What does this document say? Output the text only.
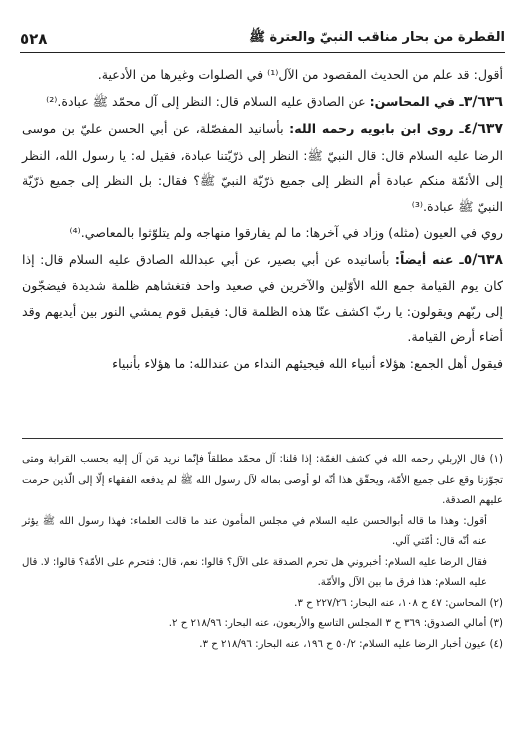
القطرة من بحار مناقب النبيّ والعترة ﷺ
٥٢٨

أقول: قد علم من الحديث المقصود من الآل⁽¹⁾ في الصلوات وغيرها من الأدعية.

٣/٦٣٦ـ في المحاسن: عن الصادق عليه السلام قال: النظر إلى آل محمّد ﷺ عبادة.⁽²⁾

٤/٦٣٧ـ روى ابن بابويه رحمه الله: بأسانيد المفصّلة، عن أبي الحسن عليّ بن موسى الرضا عليه السلام قال: قال النبيّ ﷺ: النظر إلى ذرّيّتنا عبادة، فقيل له: يا رسول الله، النظر إلى الأئمّة منكم عبادة أم النظر إلى جميع ذرّيّة النبيّ ﷺ؟ فقال: بل النظر إلى جميع ذرّيّة النبيّ ﷺ عبادة.⁽³⁾

روي في العيون (مثله) وزاد في آخرها: ما لم يفارقوا منهاجه ولم يتلوّثوا بالمعاصي.⁽⁴⁾

٥/٦٣٨ـ عنه أيضاً: بأسانيده عن أبي بصير، عن أبي عبدالله الصادق عليه السلام قال: إذا كان يوم القيامة جمع الله الأوّلين والآخرين في صعيد واحد فتغشاهم ظلمة شديدة فيضجّون إلى ربّهم ويقولون: يا ربّ اكشف عنّا هذه الظلمة قال: فيقبل قوم يمشي النور بين أيديهم وقد أضاء أرض القيامة.

فيقول أهل الجمع: هؤلاء أنبياء الله فيجيئهم النداء من عندالله: ما هؤلاء بأنبياء

(١) قال الإربلي رحمه الله في كشف الغمّة: إذا قلنا: آل محمّد مطلقاً فإنّما نريد مَن آل إليه بحسب القرابة ومتى تجوّزنا وقع على جميع الأمّة، ويحقّق هذا أنّه لو أوصى بماله لآل رسول الله ﷺ لم يدفعه الفقهاء إلّا إلى الّذين حرمت عليهم الصدقة.

أقول: وهذا ما قاله أبوالحسن عليه السلام في مجلس المأمون عند ما قالت العلماء: فهذا رسول الله ﷺ يؤثر عنه أنّه قال: أمّتي آلي.

فقال الرضا عليه السلام: أخبروني هل تحرم الصدقة على الآل؟ قالوا: نعم، قال: فتحرم على الأمّة؟ قالوا: لا. قال عليه السلام: هذا فرق ما بين الآل والأمّة.

(٢) المحاسن: ٤٧ ح ١٠٨، عنه البحار: ٢٢٧/٢٦ ح ٣.

(٣) أمالي الصدوق: ٣٦٩ ح ٣ المجلس التاسع والأربعون، عنه البحار: ٢١٨/٩٦ ح ٢.

(٤) عيون أخبار الرضا عليه السلام: ٥٠/٢ ح ١٩٦، عنه البحار: ٢١٨/٩٦ ح ٣.
